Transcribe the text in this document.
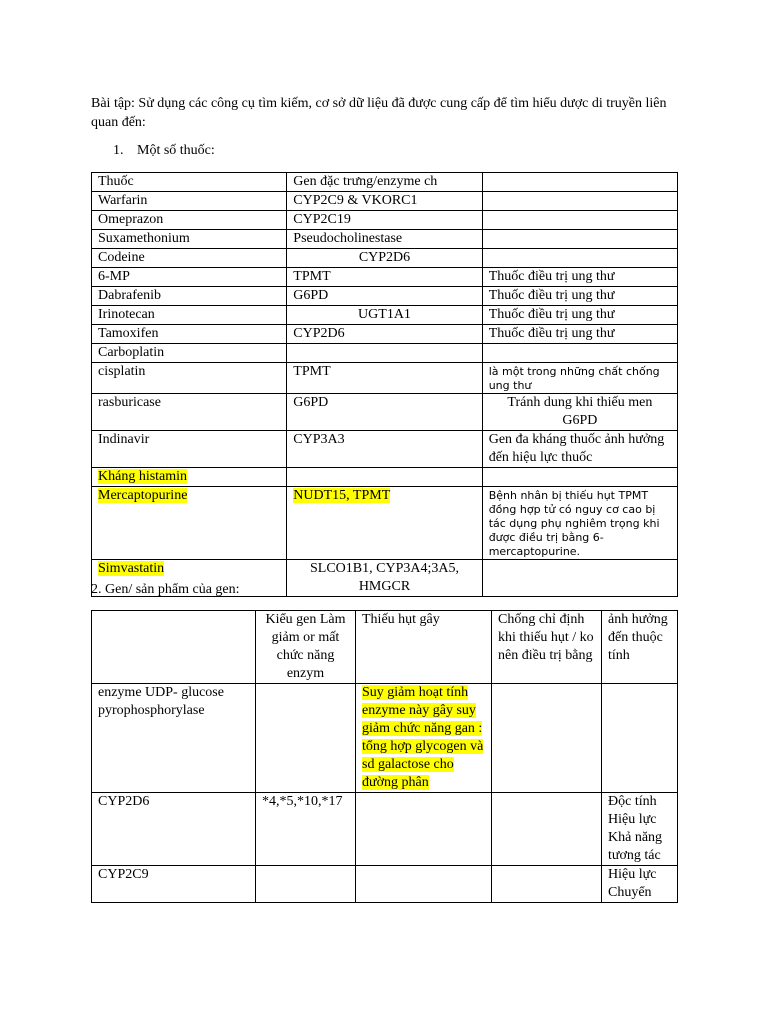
Bài tập: Sử dụng các công cụ tìm kiếm, cơ sở dữ liệu đã được cung cấp để tìm hiểu dược di truyền liên quan đến:
1. Một số thuốc:
Thuốc	Gen đặc trưng/enzyme ch	
Warfarin	CYP2C9 & VKORC1	
Omeprazon	CYP2C19	
Suxamethonium	Pseudocholinestase	
Codeine	CYP2D6	
6-MP	TPMT	Thuốc điều trị ung thư
Dabrafenib	G6PD	Thuốc điều trị ung thư
Irinotecan	UGT1A1	Thuốc điều trị ung thư
Tamoxifen	CYP2D6	Thuốc điều trị ung thư
Carboplatin		
cisplatin	TPMT	là một trong những chất chống ung thư
rasburicase	G6PD	Tránh dung khi thiếu men G6PD
Indinavir	CYP3A3	Gen đa kháng thuốc ảnh hưởng đến hiệu lực thuốc
Kháng histamin		
Mercaptopurine	NUDT15, TPMT	Bệnh nhân bị thiếu hụt TPMT đồng hợp tử có nguy cơ cao bị tác dụng phụ nghiêm trọng khi được điều trị bằng 6-mercaptopurine.
Simvastatin	SLCO1B1, CYP3A4;3A5, HMGCR	
2. Gen/ sản phẩm của gen:
	Kiểu gen Làm giảm or mất chức năng enzym	Thiếu hụt gây	Chống chỉ định khi thiếu hụt / ko nên điều trị bằng	ảnh hưởng đến thuộc tính
enzyme UDP- glucose pyrophosphorylase		Suy giảm hoạt tính enzyme này gây suy giảm chức năng gan : tổng hợp glycogen và sd galactose cho đường phân		
CYP2D6	*4,*5,*10,*17			Độc tính Hiệu lực Khả năng tương tác
CYP2C9				Hiệu lực Chuyển
